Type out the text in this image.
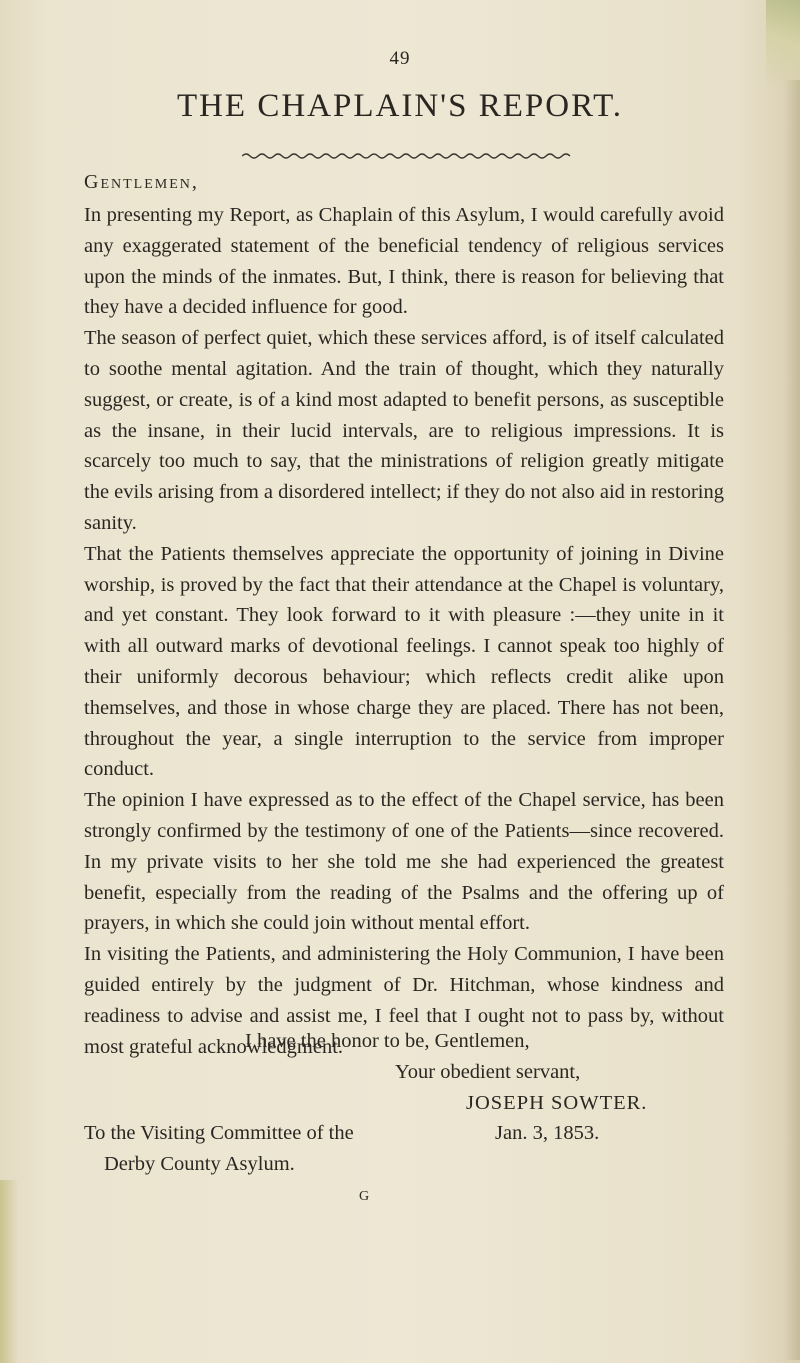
49
THE CHAPLAIN'S REPORT.
Gentlemen,

In presenting my Report, as Chaplain of this Asylum, I would carefully avoid any exaggerated statement of the beneficial tendency of religious services upon the minds of the inmates. But, I think, there is reason for believing that they have a decided influence for good.

The season of perfect quiet, which these services afford, is of itself calculated to soothe mental agitation. And the train of thought, which they naturally suggest, or create, is of a kind most adapted to benefit persons, as susceptible as the insane, in their lucid intervals, are to religious impressions. It is scarcely too much to say, that the ministrations of religion greatly mitigate the evils arising from a disordered intellect; if they do not also aid in restoring sanity.

That the Patients themselves appreciate the opportunity of joining in Divine worship, is proved by the fact that their attendance at the Chapel is voluntary, and yet constant. They look forward to it with pleasure :—they unite in it with all outward marks of devotional feelings. I cannot speak too highly of their uniformly decorous behaviour; which reflects credit alike upon themselves, and those in whose charge they are placed. There has not been, throughout the year, a single interruption to the service from improper conduct.

The opinion I have expressed as to the effect of the Chapel service, has been strongly confirmed by the testimony of one of the Patients—since recovered. In my private visits to her she told me she had experienced the greatest benefit, especially from the reading of the Psalms and the offering up of prayers, in which she could join without mental effort.

In visiting the Patients, and administering the Holy Communion, I have been guided entirely by the judgment of Dr. Hitchman, whose kindness and readiness to advise and assist me, I feel that I ought not to pass by, without most grateful acknowledgment.

I have the honor to be, Gentlemen,
Your obedient servant,
JOSEPH SOWTER.
To the Visiting Committee of the	Jan. 3, 1853.
Derby County Asylum.
G
